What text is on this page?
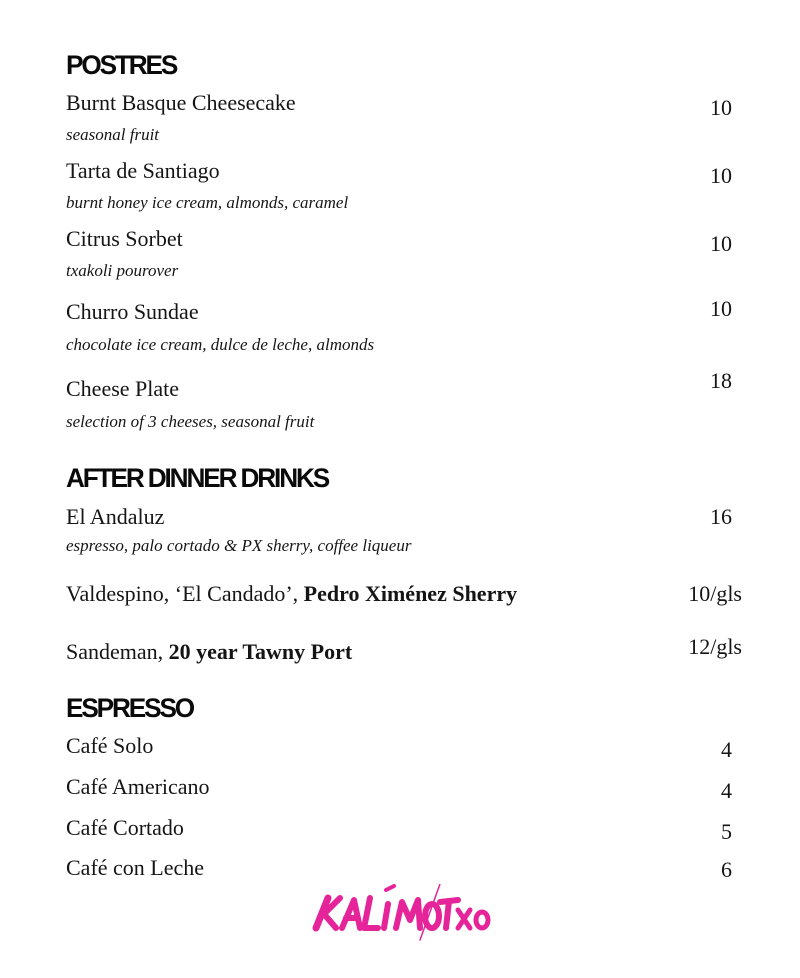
POSTRES
Burnt Basque Cheesecake	10
seasonal fruit
Tarta de Santiago	10
burnt honey ice cream, almonds, caramel
Citrus Sorbet	10
txakoli pourover
Churro Sundae	10
chocolate ice cream, dulce de leche, almonds
Cheese Plate	18
selection of 3 cheeses, seasonal fruit
AFTER DINNER DRINKS
El Andaluz	16
espresso, palo cortado & PX sherry, coffee liqueur
Valdespino, ‘El Candado’, Pedro Ximénez Sherry	10/gls
Sandeman, 20 year Tawny Port	12/gls
ESPRESSO
Café Solo	4
Café Americano	4
Café Cortado	5
Café con Leche	6
